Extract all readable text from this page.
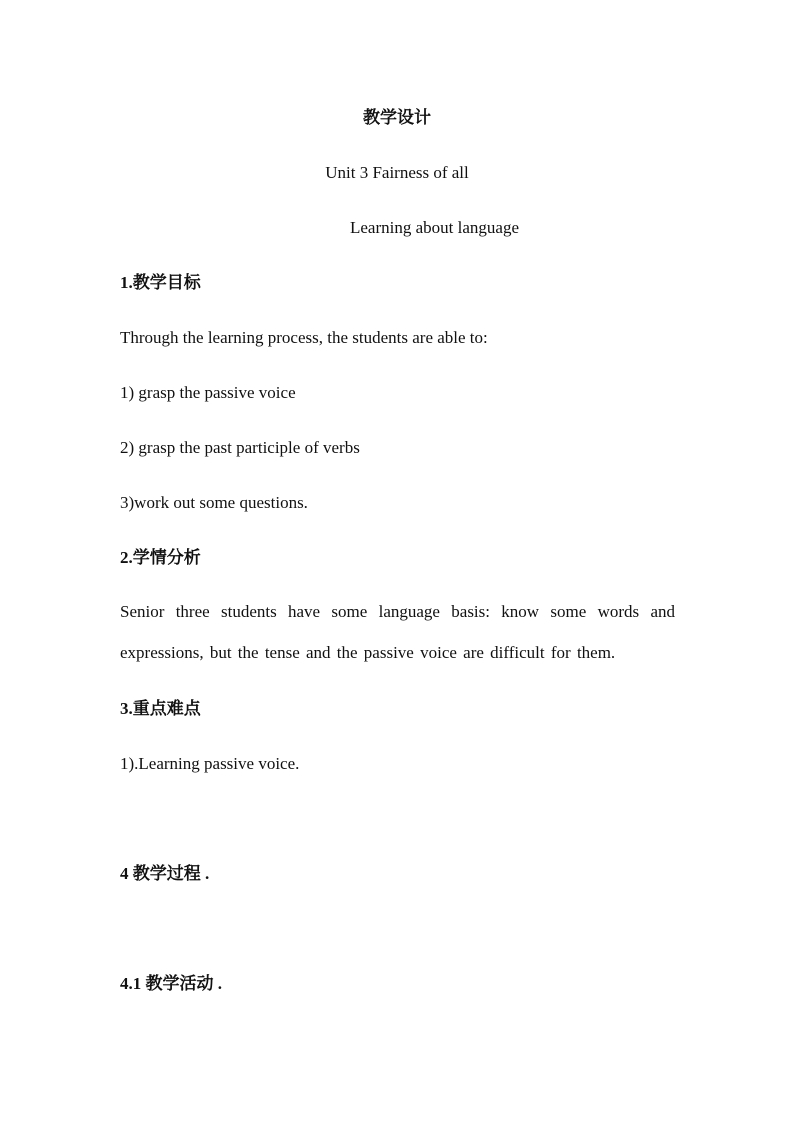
教学设计
Unit 3 Fairness of all
Learning about language
1.教学目标
Through the learning process, the students are able to:
1) grasp the passive voice
2) grasp the past participle of verbs
3)work out some questions.
2.学情分析
Senior three students have some language basis: know some words and expressions, but the tense and the passive voice are difficult for them.
3.重点难点
1).Learning passive voice.
4 教学过程 .
4.1 教学活动 .
